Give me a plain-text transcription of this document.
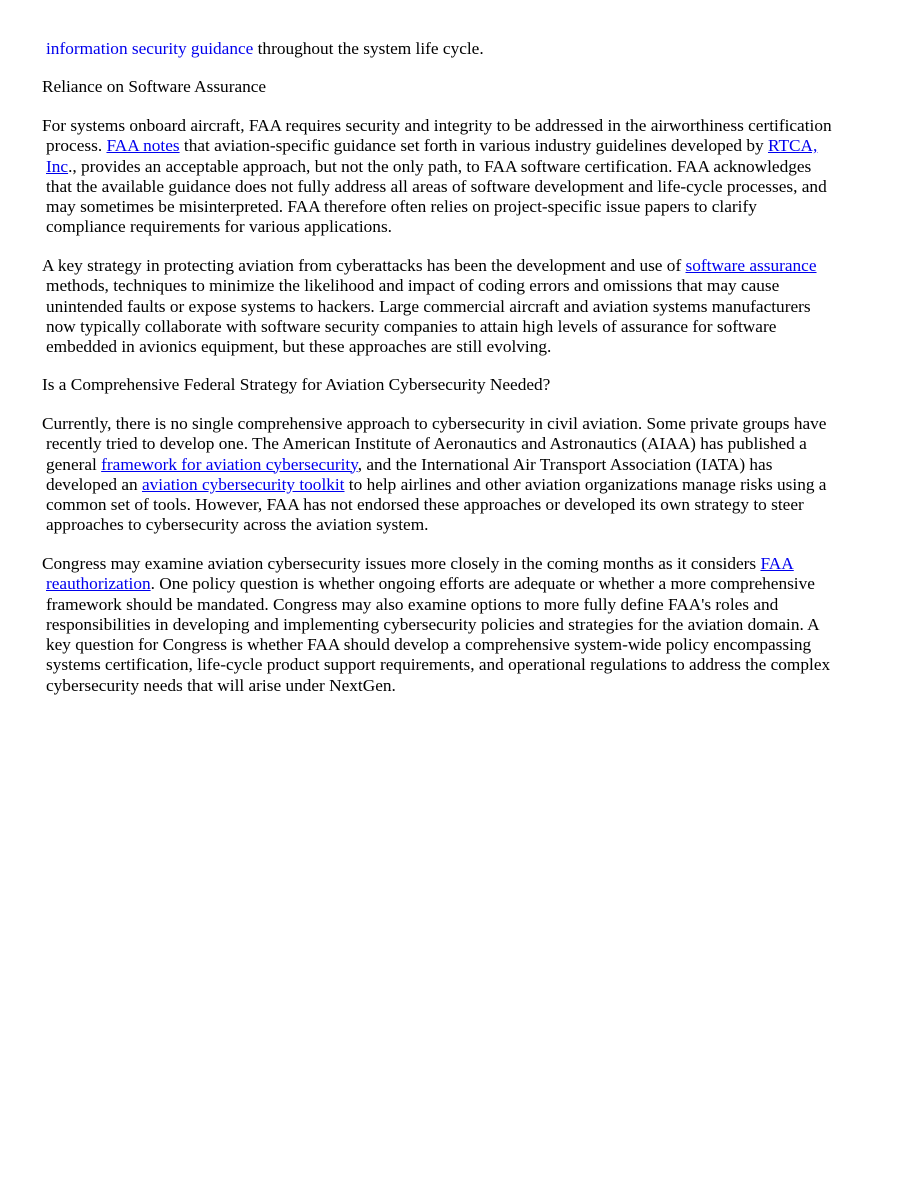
information security guidance throughout the system life cycle.
Reliance on Software Assurance
For systems onboard aircraft, FAA requires security and integrity to be addressed in the airworthiness certification
process. FAA notes that aviation-specific guidance set forth in various industry guidelines developed by RTCA,
Inc., provides an acceptable approach, but not the only path, to FAA software certification. FAA acknowledges
that the available guidance does not fully address all areas of software development and life-cycle processes, and
may sometimes be misinterpreted. FAA therefore often relies on project-specific issue papers to clarify
compliance requirements for various applications.
A key strategy in protecting aviation from cyberattacks has been the development and use of software assurance
methods, techniques to minimize the likelihood and impact of coding errors and omissions that may cause
unintended faults or expose systems to hackers. Large commercial aircraft and aviation systems manufacturers
now typically collaborate with software security companies to attain high levels of assurance for software
embedded in avionics equipment, but these approaches are still evolving.
Is a Comprehensive Federal Strategy for Aviation Cybersecurity Needed?
Currently, there is no single comprehensive approach to cybersecurity in civil aviation. Some private groups have
recently tried to develop one. The American Institute of Aeronautics and Astronautics (AIAA) has published a
general framework for aviation cybersecurity, and the International Air Transport Association (IATA) has
developed an aviation cybersecurity toolkit to help airlines and other aviation organizations manage risks using a
common set of tools. However, FAA has not endorsed these approaches or developed its own strategy to steer
approaches to cybersecurity across the aviation system.
Congress may examine aviation cybersecurity issues more closely in the coming months as it considers FAA
reauthorization. One policy question is whether ongoing efforts are adequate or whether a more comprehensive
framework should be mandated. Congress may also examine options to more fully define FAA's roles and
responsibilities in developing and implementing cybersecurity policies and strategies for the aviation domain. A
key question for Congress is whether FAA should develop a comprehensive system-wide policy encompassing
systems certification, life-cycle product support requirements, and operational regulations to address the complex
cybersecurity needs that will arise under NextGen.
